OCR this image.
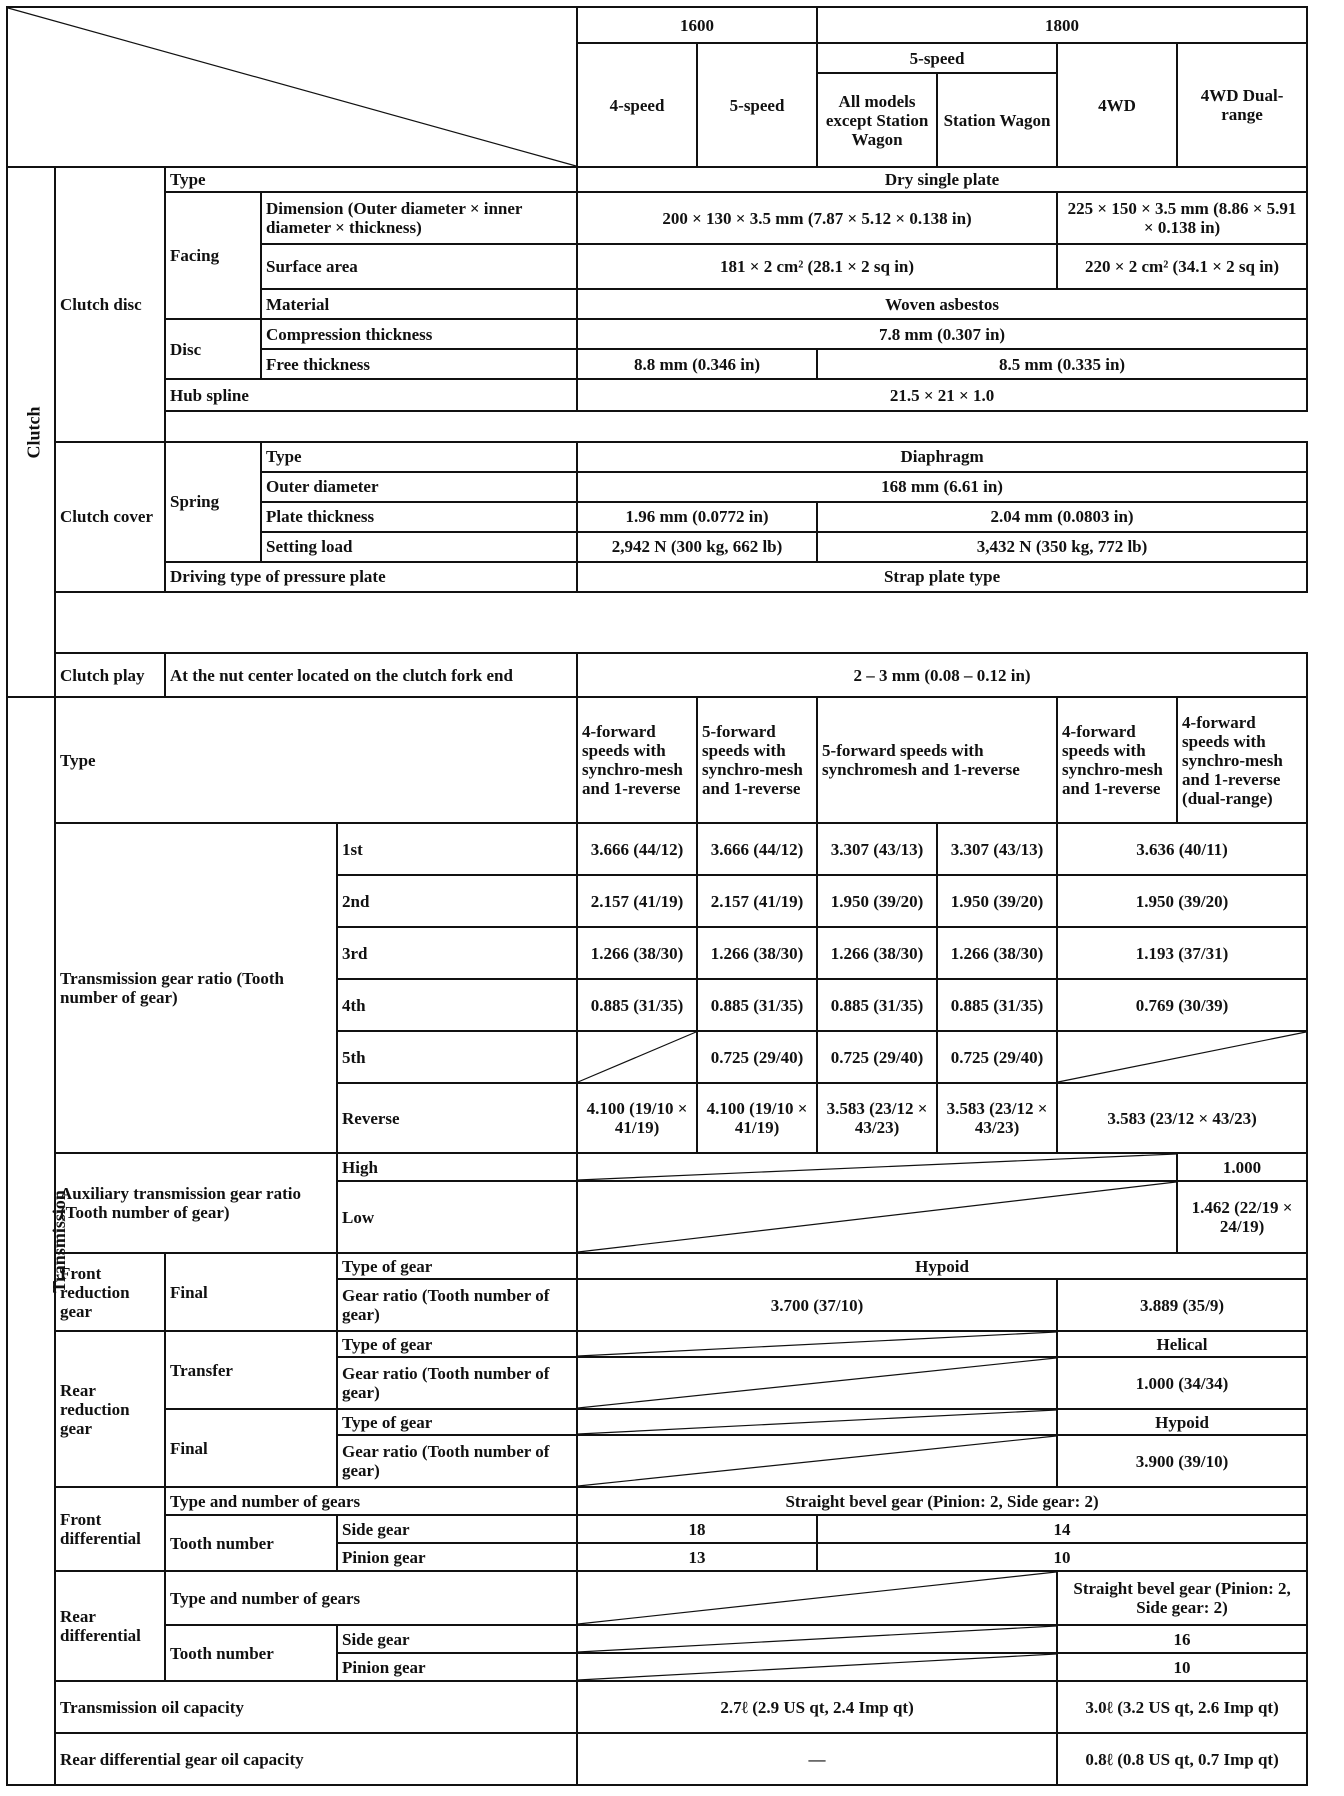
	1600		1800			
					4-speed	5-speed	5-speed		4WD	4WD Dual-range
							All models except Station Wagon	Station Wagon		
Clutch	Clutch disc	Type			Dry single plate					
		Facing	Dimension (Outer diameter × inner diameter × thickness)		200 × 130 × 3.5 mm (7.87 × 5.12 × 0.138 in)				225 × 150 × 3.5 mm (8.86 × 5.91 × 0.138 in)	
			Surface area		181 × 2 cm² (28.1 × 2 sq in)				220 × 2 cm² (34.1 × 2 sq in)	
			Material		Woven asbestos					
		Disc	Compression thickness		7.8 mm (0.307 in)					
			Free thickness		8.8 mm (0.346 in)		8.5 mm (0.335 in)			
		Hub spline			21.5 × 21 × 1.0					

	Clutch cover	Spring	Type		Diaphragm					
			Outer diameter		168 mm (6.61 in)					
			Plate thickness		1.96 mm (0.0772 in)		2.04 mm (0.0803 in)			
			Setting load		2,942 N (300 kg, 662 lb)		3,432 N (350 kg, 772 lb)			
		Driving type of pressure plate			Strap plate type					

	Clutch play	At the nut center located on the clutch fork end			2 – 3 mm (0.08 – 0.12 in)					
Transmission	Type				4-forward speeds with synchro-mesh and 1-reverse	5-forward speeds with synchro-mesh and 1-reverse	5-forward speeds with synchromesh and 1-reverse		4-forward speeds with synchro-mesh and 1-reverse	4-forward speeds with synchro-mesh and 1-reverse (dual-range)
	Transmission gear ratio (Tooth number of gear)			1st	3.666 (44/12)	3.666 (44/12)	3.307 (43/13)	3.307 (43/13)	3.636 (40/11)	
				2nd	2.157 (41/19)	2.157 (41/19)	1.950 (39/20)	1.950 (39/20)	1.950 (39/20)	
				3rd	1.266 (38/30)	1.266 (38/30)	1.266 (38/30)	1.266 (38/30)	1.193 (37/31)	
				4th	0.885 (31/35)	0.885 (31/35)	0.885 (31/35)	0.885 (31/35)	0.769 (30/39)	
				5th		0.725 (29/40)	0.725 (29/40)	0.725 (29/40)	

				Reverse	4.100 (19/10 × 41/19)	4.100 (19/10 × 41/19)	3.583 (23/12 × 43/23)	3.583 (23/12 × 43/23)	3.583 (23/12 × 43/23)	
	Auxiliary transmission gear ratio (Tooth number of gear)			High						1.000
				Low						1.462 (22/19 × 24/19)
	Front reduction gear	Final		Type of gear	Hypoid					
				Gear ratio (Tooth number of gear)	3.700 (37/10)				3.889 (35/9)	
	Rear reduction gear	Transfer		Type of gear					Helical	
				Gear ratio (Tooth number of gear)					1.000 (34/34)	
		Final		Type of gear					Hypoid	
				Gear ratio (Tooth number of gear)					3.900 (39/10)	
	Front differential	Type and number of gears			Straight bevel gear (Pinion: 2, Side gear: 2)					
		Tooth number		Side gear	18		14			
				Pinion gear	13		10			
	Rear differential	Type and number of gears							Straight bevel gear (Pinion: 2, Side gear: 2)	
		Tooth number		Side gear					16	
				Pinion gear					10	
	Transmission oil capacity				2.7ℓ (2.9 US qt, 2.4 Imp qt)				3.0ℓ (3.2 US qt, 2.6 Imp qt)	
	Rear differential gear oil capacity				—				0.8ℓ (0.8 US qt, 0.7 Imp qt)	
